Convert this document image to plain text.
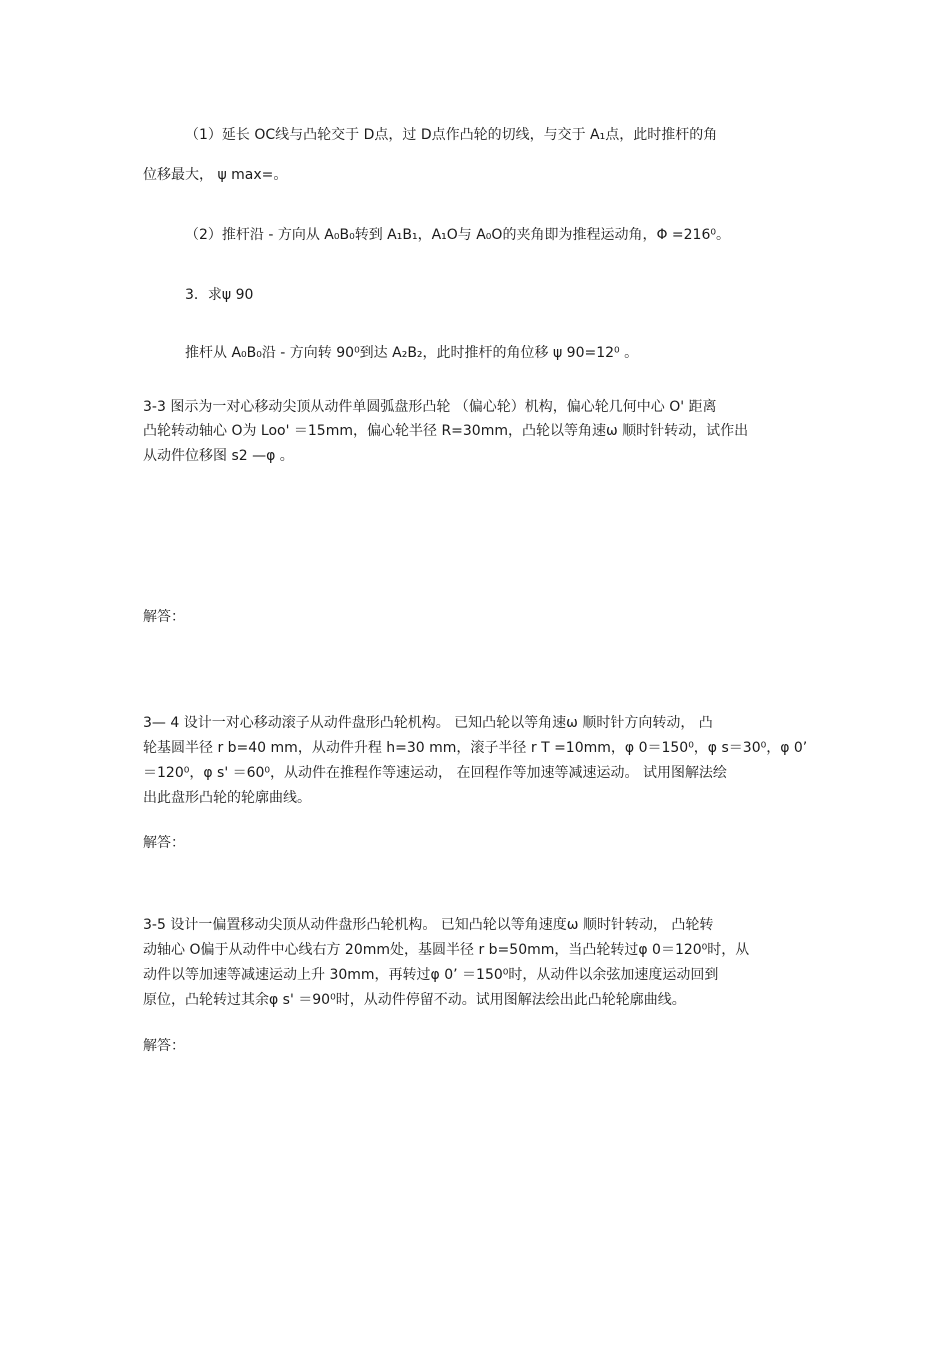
（1）延长 OC线与凸轮交于 D点，过 D点作凸轮的切线，与交于 A₁点，此时推杆的角
位移最大， ψ max=。
（2）推杆沿 - 方向从 A₀B₀转到 A₁B₁，A₁O与 A₀O的夹角即为推程运动角，Φ =216⁰。
3．求ψ 90
推杆从 A₀B₀沿 - 方向转 90⁰到达 A₂B₂，此时推杆的角位移 ψ 90=12⁰ 。
3-3 图示为一对心移动尖顶从动件单圆弧盘形凸轮 （偏心轮）机构，偏心轮几何中心 O' 距离
凸轮转动轴心 O为 Loo' ＝15mm，偏心轮半径 R=30mm，凸轮以等角速ω 顺时针转动，试作出
从动件位移图 s2 —φ 。
解答：
3— 4 设计一对心移动滚子从动件盘形凸轮机构。 已知凸轮以等角速ω 顺时针方向转动， 凸
轮基圆半径 r b=40 mm，从动件升程 h=30 mm，滚子半径 r T =10mm，φ 0＝150⁰，φ s＝30⁰，φ 0’
＝120⁰，φ s' ＝60⁰，从动件在推程作等速运动， 在回程作等加速等减速运动。 试用图解法绘
出此盘形凸轮的轮廓曲线。
解答：
3-5 设计一偏置移动尖顶从动件盘形凸轮机构。 已知凸轮以等角速度ω 顺时针转动， 凸轮转
动轴心 O偏于从动件中心线右方 20mm处，基圆半径 r b=50mm，当凸轮转过φ 0＝120⁰时，从
动件以等加速等减速运动上升 30mm，再转过φ 0’ ＝150⁰时，从动件以余弦加速度运动回到
原位，凸轮转过其余φ s' ＝90⁰时，从动件停留不动。试用图解法绘出此凸轮轮廓曲线。
解答：
